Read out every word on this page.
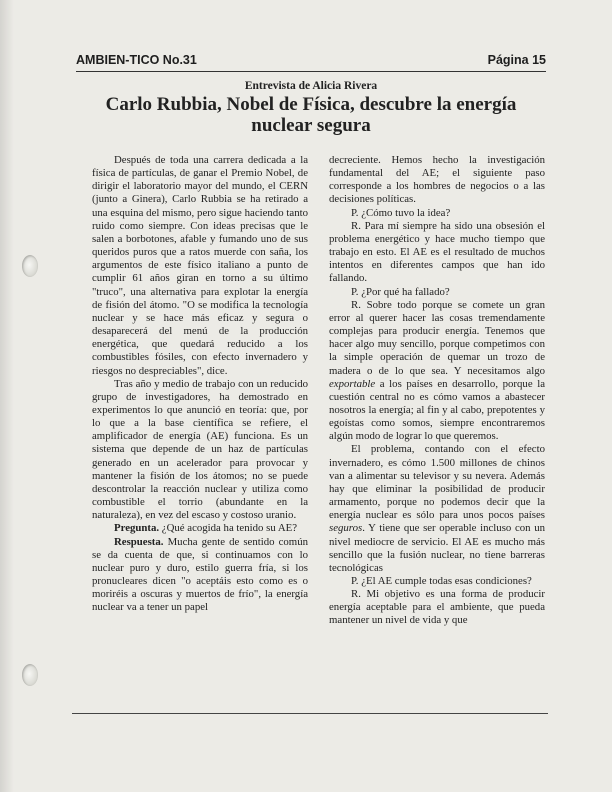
AMBIEN-TICO No.31	Página 15
Entrevista de Alicia Rivera
Carlo Rubbia, Nobel de Física, descubre la energía nuclear segura

Después de toda una carrera dedicada a la física de partículas, de ganar el Premio Nobel, de dirigir el laboratorio mayor del mundo, el CERN (junto a Ginera), Carlo Rubbia se ha retirado a una esquina del mismo, pero sigue haciendo tanto ruido como siempre. Con ideas precisas que le salen a borbotones, afable y fumando uno de sus queridos puros que a ratos muerde con saña, los argumentos de este físico italiano a punto de cumplir 61 años giran en torno a su último "truco", una alternativa para explotar la energía de fisión del átomo. "O se modifica la tecnología nuclear y se hace más eficaz y segura o desaparecerá del menú de la producción energética, que quedará reducido a los combustibles fósiles, con efecto invernadero y riesgos no despreciables", dice.

Tras año y medio de trabajo con un reducido grupo de investigadores, ha demostrado en experimentos lo que anunció en teoría: que, por lo que a la base científica se refiere, el amplificador de energía (AE) funciona. Es un sistema que depende de un haz de partículas generado en un acelerador para provocar y mantener la fisión de los átomos; no se puede descontrolar la reacción nuclear y utiliza como combustible el torrio (abundante en la naturaleza), en vez del escaso y costoso uranio.

Pregunta. ¿Qué acogida ha tenido su AE?

Respuesta. Mucha gente de sentido común se da cuenta de que, si continuamos con lo nuclear puro y duro, estilo guerra fría, si los pronucleares dicen "o aceptáis esto como es o moriréis a oscuras y muertos de frío", la energía nuclear va a tener un papel

decreciente. Hemos hecho la investigación fundamental del AE; el siguiente paso corresponde a los hombres de negocios o a las decisiones políticas.

P. ¿Cómo tuvo la idea?

R. Para mí siempre ha sido una obsesión el problema energético y hace mucho tiempo que trabajo en esto. El AE es el resultado de muchos intentos en diferentes campos que han ido fallando.

P. ¿Por qué ha fallado?

R. Sobre todo porque se comete un gran error al querer hacer las cosas tremendamente complejas para producir energía. Tenemos que hacer algo muy sencillo, porque competimos con la simple operación de quemar un trozo de madera o de lo que sea. Y necesitamos algo exportable a los países en desarrollo, porque la cuestión central no es cómo vamos a abastecer nosotros la energía; al fin y al cabo, prepotentes y egoístas como somos, siempre encontraremos algún modo de lograr lo que queremos.

El problema, contando con el efecto invernadero, es cómo 1.500 millones de chinos van a alimentar su televisor y su nevera. Además hay que eliminar la posibilidad de producir armamento, porque no podemos decir que la energía nuclear es sólo para unos pocos países seguros. Y tiene que ser operable incluso con un nivel mediocre de servicio. El AE es mucho más sencillo que la fusión nuclear, no tiene barreras tecnológicas

P. ¿El AE cumple todas esas condiciones?

R. Mi objetivo es una forma de producir energía aceptable para el ambiente, que pueda mantener un nivel de vida y que
